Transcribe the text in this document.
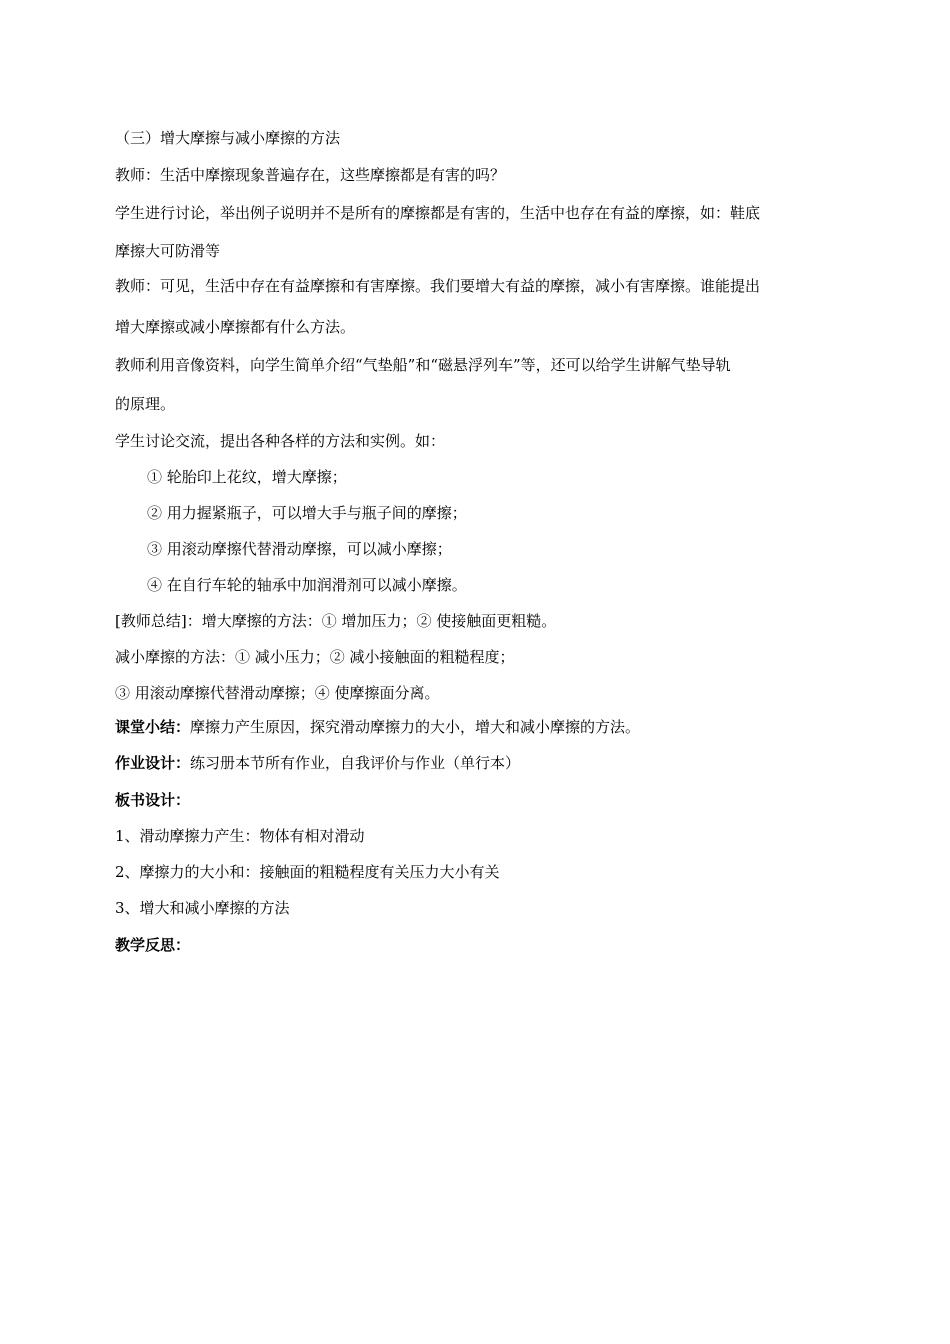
（三）增大摩擦与减小摩擦的方法
教师：生活中摩擦现象普遍存在，这些摩擦都是有害的吗？
学生进行讨论，举出例子说明并不是所有的摩擦都是有害的，生活中也存在有益的摩擦，如：鞋底
摩擦大可防滑等
教师：可见，生活中存在有益摩擦和有害摩擦。我们要增大有益的摩擦，减小有害摩擦。谁能提出
增大摩擦或减小摩擦都有什么方法。
教师利用音像资料，向学生简单介绍“气垫船”和“磁悬浮列车”等，还可以给学生讲解气垫导轨
的原理。
学生讨论交流，提出各种各样的方法和实例。如：
① 轮胎印上花纹，增大摩擦；
② 用力握紧瓶子，可以增大手与瓶子间的摩擦；
③ 用滚动摩擦代替滑动摩擦，可以减小摩擦；
④ 在自行车轮的轴承中加润滑剂可以减小摩擦。
[教师总结]：增大摩擦的方法：① 增加压力；② 使接触面更粗糙。
减小摩擦的方法：① 减小压力；② 减小接触面的粗糙程度；
③ 用滚动摩擦代替滑动摩擦；④ 使摩擦面分离。
课堂小结：摩擦力产生原因，探究滑动摩擦力的大小，增大和减小摩擦的方法。
作业设计：练习册本节所有作业，自我评价与作业（单行本）
板书设计：
1、滑动摩擦力产生：物体有相对滑动
2、摩擦力的大小和：接触面的粗糙程度有关压力大小有关
3、增大和减小摩擦的方法
教学反思：
